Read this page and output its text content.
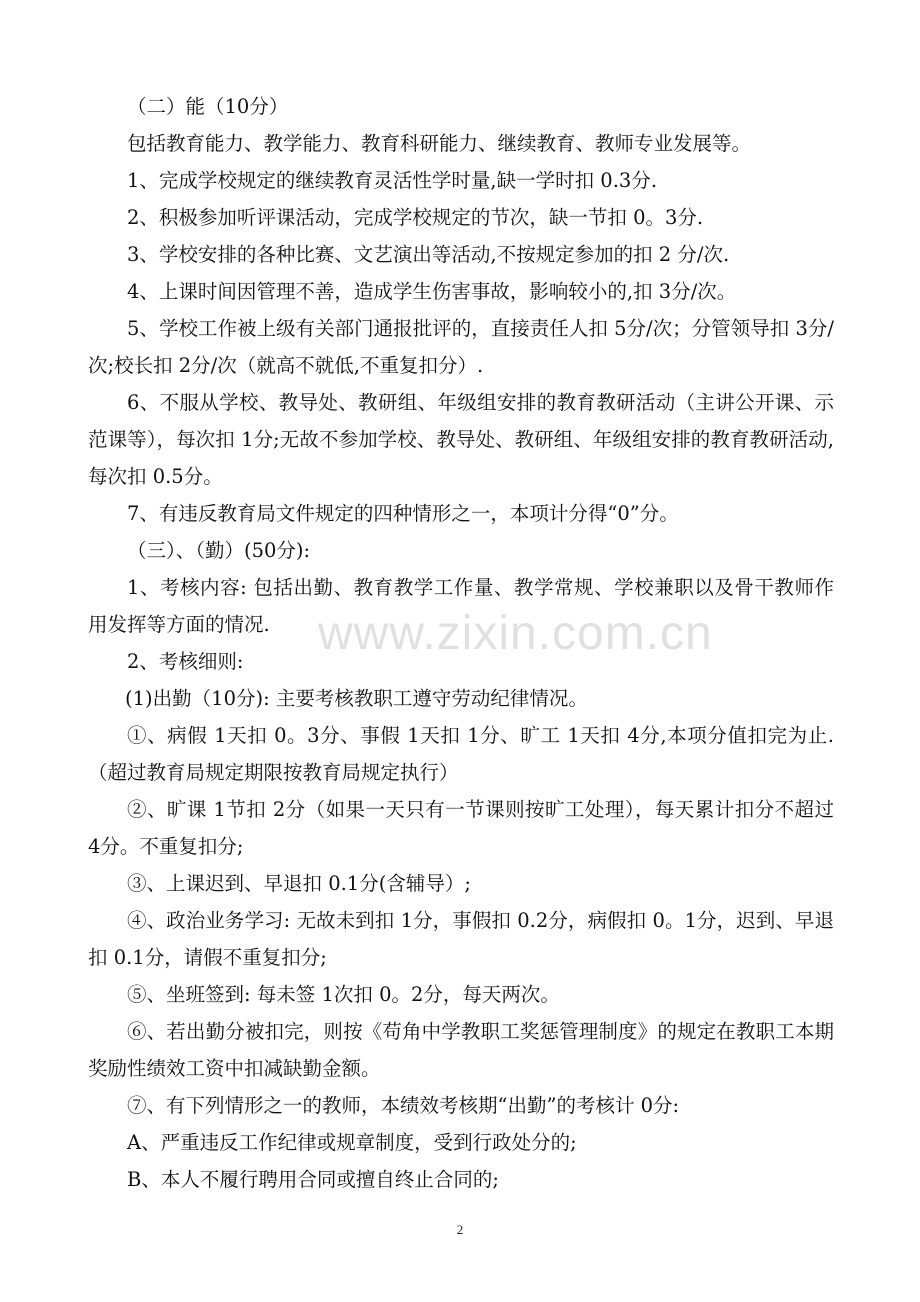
www.zixin.com.cn

（二）能（10分）

包括教育能力、教学能力、教育科研能力、继续教育、教师专业发展等。

1、完成学校规定的继续教育灵活性学时量,缺一学时扣 0.3分.

2、积极参加听评课活动，完成学校规定的节次，缺一节扣 0。3分.

3、学校安排的各种比赛、文艺演出等活动,不按规定参加的扣 2 分/次.

4、上课时间因管理不善，造成学生伤害事故，影响较小的,扣 3分/次。

5、学校工作被上级有关部门通报批评的，直接责任人扣 5分/次；分管领导扣 3分/次;校长扣 2分/次（就高不就低,不重复扣分）.

6、不服从学校、教导处、教研组、年级组安排的教育教研活动（主讲公开课、示范课等），每次扣 1分;无故不参加学校、教导处、教研组、年级组安排的教育教研活动,每次扣 0.5分。

7、有违反教育局文件规定的四种情形之一，本项计分得“0”分。

（三）、（勤）(50分):

1、考核内容: 包括出勤、教育教学工作量、教学常规、学校兼职以及骨干教师作用发挥等方面的情况.

2、考核细则:

(1)出勤（10分): 主要考核教职工遵守劳动纪律情况。

①、病假 1天扣 0。3分、事假 1天扣 1分、旷工 1天扣 4分,本项分值扣完为止.（超过教育局规定期限按教育局规定执行）

②、旷课 1节扣 2分（如果一天只有一节课则按旷工处理），每天累计扣分不超过 4分。不重复扣分;

③、上课迟到、早退扣 0.1分(含辅导）;

④、政治业务学习: 无故未到扣 1分，事假扣 0.2分，病假扣 0。1分，迟到、早退扣 0.1分，请假不重复扣分;

⑤、坐班签到: 每未签 1次扣 0。2分，每天两次。

⑥、若出勤分被扣完，则按《苟角中学教职工奖惩管理制度》的规定在教职工本期奖励性绩效工资中扣减缺勤金额。

⑦、有下列情形之一的教师，本绩效考核期“出勤”的考核计 0分:

A、严重违反工作纪律或规章制度，受到行政处分的;

B、本人不履行聘用合同或擅自终止合同的;

2
